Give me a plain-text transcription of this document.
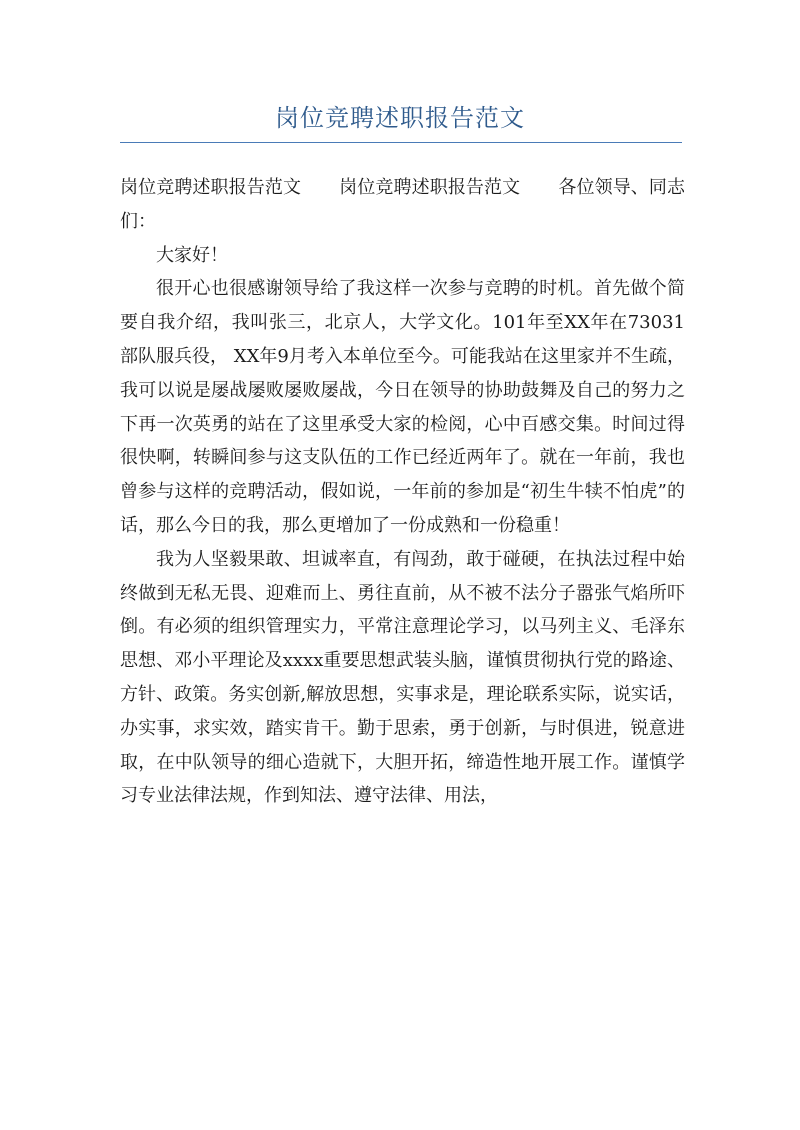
岗位竞聘述职报告范文

岗位竞聘述职报告范文 岗位竞聘述职报告范文 各位领导、同志们：

大家好！

很开心也很感谢领导给了我这样一次参与竞聘的时机。首先做个简要自我介绍，我叫张三，北京人，大学文化。101年至XX年在73031部队服兵役， XX年9月考入本单位至今。可能我站在这里家并不生疏，我可以说是屡战屡败屡败屡战，今日在领导的协助鼓舞及自己的努力之下再一次英勇的站在了这里承受大家的检阅，心中百感交集。时间过得很快啊，转瞬间参与这支队伍的工作已经近两年了。就在一年前，我也曾参与这样的竞聘活动，假如说，一年前的参加是“初生牛犊不怕虎”的话，那么今日的我，那么更增加了一份成熟和一份稳重！

我为人坚毅果敢、坦诚率直，有闯劲，敢于碰硬，在执法过程中始终做到无私无畏、迎难而上、勇往直前，从不被不法分子嚣张气焰所吓倒。有必须的组织管理实力，平常注意理论学习，以马列主义、毛泽东思想、邓小平理论及xxxx重要思想武装头脑，谨慎贯彻执行党的路途、方针、政策。务实创新,解放思想，实事求是，理论联系实际，说实话，办实事，求实效，踏实肯干。勤于思索，勇于创新，与时俱进，锐意进取，在中队领导的细心造就下，大胆开拓，缔造性地开展工作。谨慎学习专业法律法规，作到知法、遵守法律、用法，
